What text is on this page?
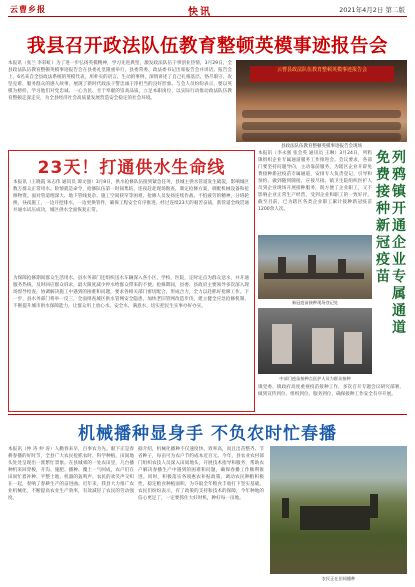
云曹乡报	快讯	2021年4月2日 第二版
我县召开政法队伍教育整顿英模事迹报告会
本报讯（张兰 李彩虹）为了进一步弘扬英模精神，学习先进典型，激发政法队伍干事创业热情，3月29日，全县政法队伍教育整顿英模事迹报告会在县委礼堂隆重举行。县委常委、政法委书记出席报告会并讲话。报告会上，6名来自全县政法系统的英模代表，用朴实的语言、生动的事例，深情讲述了自己扎根基层、恪尽职守、攻坚克难、服务群众的感人故事，展现了新时代政法干警忠诚干净担当的良好形象。与会人员纷纷表示，要以英模为榜样，学习他们对党忠诚、一心为民、甘于奉献的崇高品质，立足本职岗位，以实际行动推动政法队伍教育整顿走深走实，为全县经济社会高质量发展营造安全稳定的社会环境。
云曹县政法队伍教育整顿英模事迹报告会
县政法队伍教育整顿英模事迹报告会现场
23天！打通供水生命线
本报讯（王晓霞 朱志伟 通讯员 谭文强）3月8日，供水抢修队伍接到紧急任务，县城主供水管道发生破裂，影响城区数万群众正常用水。险情就是命令，抢修队伍第一时间集结，连夜赶赴现场勘查，制定抢修方案，调配机械设备和抢修物资。面对管道埋深大、地下管线复杂、施工空间狭窄等困难，抢修人员发扬连续作战、不怕疲劳的精神，分班轮换、昼夜施工，一边开挖排水，一边更换管件，确保工程安全有序推进。经过连续23天的艰苦奋战，新管道全线贯通并通水试压成功，城区供水全面恢复正常。
为保障抢修期间群众生活用水，县水务部门还组织送水车辆深入各小区、学校、医院，定时定点为群众送水，并开通服务热线，及时回应群众诉求，最大限度减少停水给群众带来的不便。抢修期间，县委、县政府主要领导多次深入现场督导检查，协调解决施工中遇到的困难和问题，要求各相关部门密切配合、形成合力，全力以赴抓好抢修工作。下一步，县水务部门将举一反三，全面排查城区供水管网安全隐患，加快老旧管网改造步伐，建立健全应急抢修机制，不断提升城市供水保障能力，让群众用上放心水、安全水、满意水，切实把民生实事办好办实。
本报讯（李永强 张会英 通讯员 王琳）3月24日，列鸦镇组织企业专属通道服务工作推进会。会议要求，各部门要坚持问题导向，主动靠前服务，为辖区企业开辟免费接种新冠疫苗专属通道，安排专人负责登记、引导和预约，做到随到随接、应接尽接。镇卫生院组织医护人员到企业现场开展接种服务，既方便了企业职工，又不影响企业正常生产经营，受到企业和职工的一致好评。截至目前，已为辖区各类企业职工累计接种新冠疫苗1200余人次。
列鸦镇开通企业专属通道
免费接种新冠疫苗
新冠疫苗接种现场登记处
中部门疫苗接种点医护人员为群众接种
镇党委、镇政府高度重视疫苗接种工作，多次召开专题会议研究部署，做到宣传到位、组织到位、服务到位，确保接种工作安全有序开展。
机械播种显身手 不负农时忙春播
本报讯（仲 涛 仲 涛）人勤春来早，百事农为先。眼下正是春耕春播的好时节，全县广大农民抢抓农时、科学种植，田间地头处处呈现出一派繁忙景象。在县城郊的一处农田里，几台播种机来回穿梭，开沟、施肥、播种、覆土一气呵成，农户们在田间忙着补种、平整土地，机器的轰鸣声、农民的欢笑声交织在一起，奏响了春耕生产的奋进曲。近年来，我县大力推广农业机械化，不断提高农业生产效率，有效减轻了农民的劳动强度。
据介绍，机械化播种不仅速度快、效率高，而且出苗整齐、节省种子，每亩可为农户节约成本近百元。今年，县农业农村部门组织农技人员深入田间地头，开展技术指导和服务，帮助农户解决春播生产中遇到的困难和问题，确保春播工作顺利推进。同时，积极落实各项惠农补贴政策，调动农民种粮积极性，稳定粮食种植面积，为夺取全年粮食丰收打下坚实基础。农民们纷纷表示，有了政策的支持和技术的保障，今年种地的信心更足了，一定要抓住大好时机，种好每一亩地。
农民正在田间播种
